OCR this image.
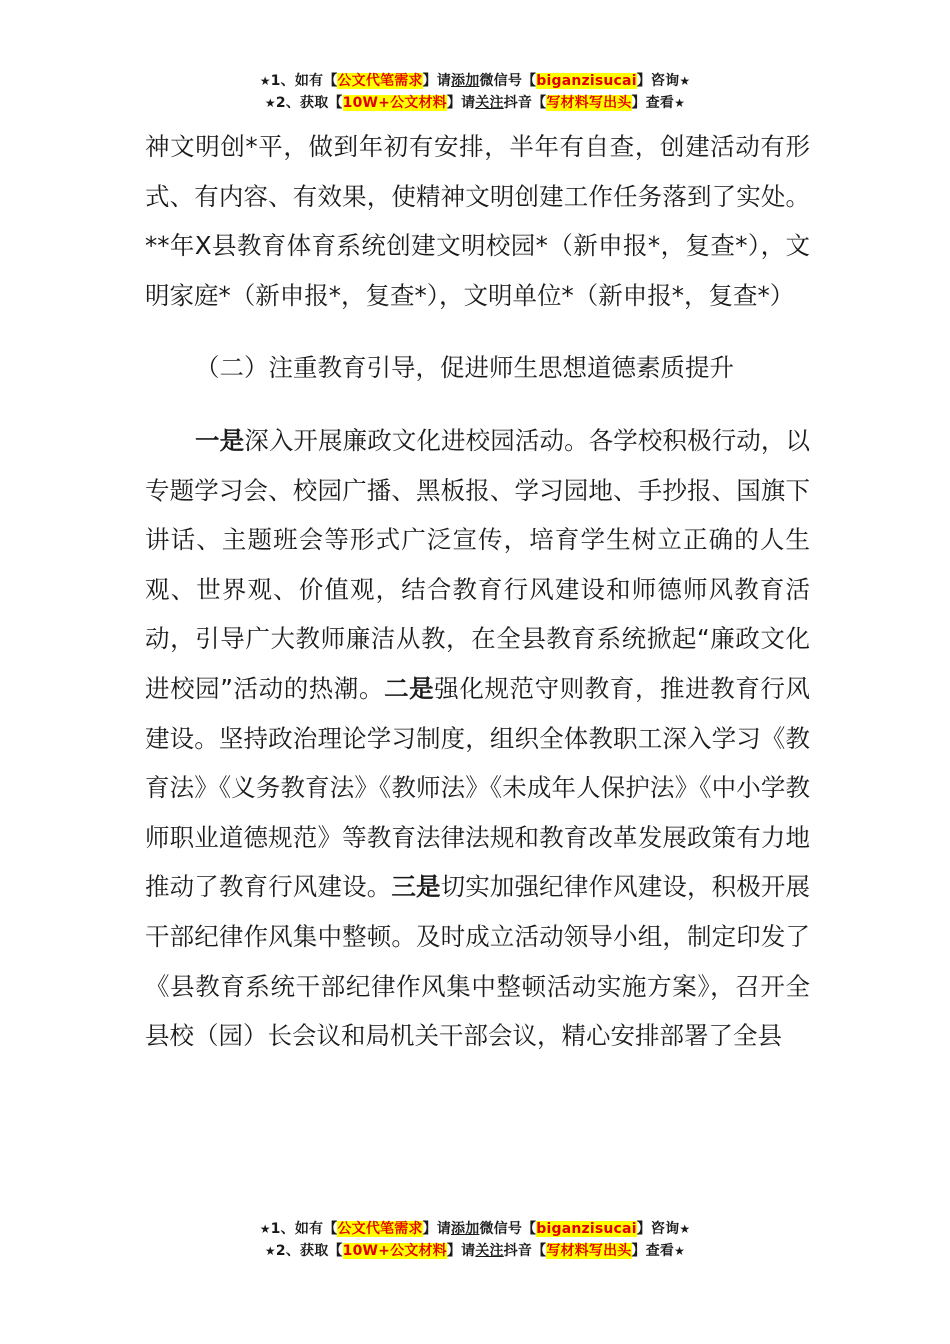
★1、如有【公文代笔需求】请添加微信号【biganzisucai】咨询★
★2、获取【10W+公文材料】请关注抖音【写材料写出头】查看★

神文明创*平，做到年初有安排，半年有自查，创建活动有形式、有内容、有效果，使精神文明创建工作任务落到了实处。**年X县教育体育系统创建文明校园*（新申报*，复查*），文明家庭*（新申报*，复查*），文明单位*（新申报*，复查*）

（二）注重教育引导，促进师生思想道德素质提升

一是深入开展廉政文化进校园活动。各学校积极行动，以专题学习会、校园广播、黑板报、学习园地、手抄报、国旗下讲话、主题班会等形式广泛宣传，培育学生树立正确的人生观、世界观、价值观，结合教育行风建设和师德师风教育活动，引导广大教师廉洁从教，在全县教育系统掀起“廉政文化进校园”活动的热潮。二是强化规范守则教育，推进教育行风建设。坚持政治理论学习制度，组织全体教职工深入学习《教育法》《义务教育法》《教师法》《未成年人保护法》《中小学教师职业道德规范》等教育法律法规和教育改革发展政策有力地推动了教育行风建设。三是切实加强纪律作风建设，积极开展干部纪律作风集中整顿。及时成立活动领导小组，制定印发了《县教育系统干部纪律作风集中整顿活动实施方案》，召开全县校（园）长会议和局机关干部会议，精心安排部署了全县

★1、如有【公文代笔需求】请添加微信号【biganzisucai】咨询★
★2、获取【10W+公文材料】请关注抖音【写材料写出头】查看★
